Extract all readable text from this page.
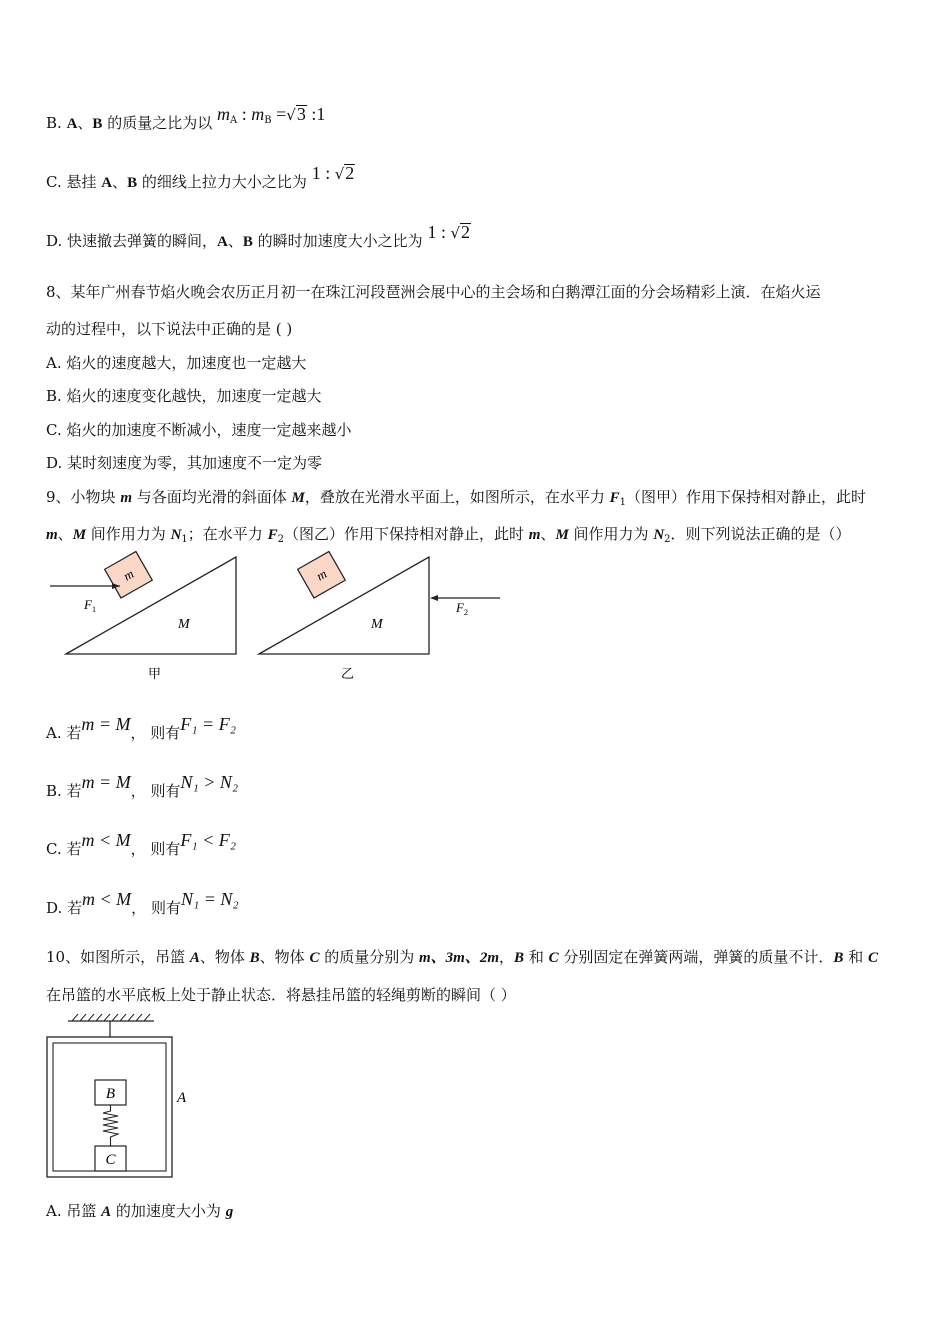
B. A、B 的质量之比为以 $m_A$ : $m_B =√3$ :1
C. 悬挂 A、B 的细线上拉力大小之比为 1 : √2
D. 快速撤去弹簧的瞬间，A、B 的瞬时加速度大小之比为 1 : √2
8、某年广州春节焰火晚会农历正月初一在珠江河段琶洲会展中心的主会场和白鹅潭江面的分会场精彩上演．在焰火运
动的过程中，以下说法中正确的是 ( )
A. 焰火的速度越大，加速度也一定越大
B. 焰火的速度变化越快，加速度一定越大
C. 焰火的加速度不断减小，速度一定越来越小
D. 某时刻速度为零，其加速度不一定为零
9、小物块 m 与各面均光滑的斜面体 M，叠放在光滑水平面上，如图所示，在水平力 $F_1$（图甲）作用下保持相对静止，此时
m、M 间作用力为 $N_1$；在水平力 $F_2$（图乙）作用下保持相对静止，此时 m、M 间作用力为 $N_2$．则下列说法正确的是（）
m
$F_1$
M
甲
m
$F_2$
M
乙
A. 若m = M， 则有F₁ = F₂
B. 若m = M， 则有N₁ > N₂
C. 若m < M， 则有F₁ < F₂
D. 若m < M， 则有N₁ = N₂
10、如图所示，吊篮 A、物体 B、物体 C 的质量分别为 m、3m、2m，B 和 C 分别固定在弹簧两端，弹簧的质量不计．B 和 C
在吊篮的水平底板上处于静止状态．将悬挂吊篮的轻绳剪断的瞬间（ ）
B
C
A
A. 吊篮 A 的加速度大小为 g
